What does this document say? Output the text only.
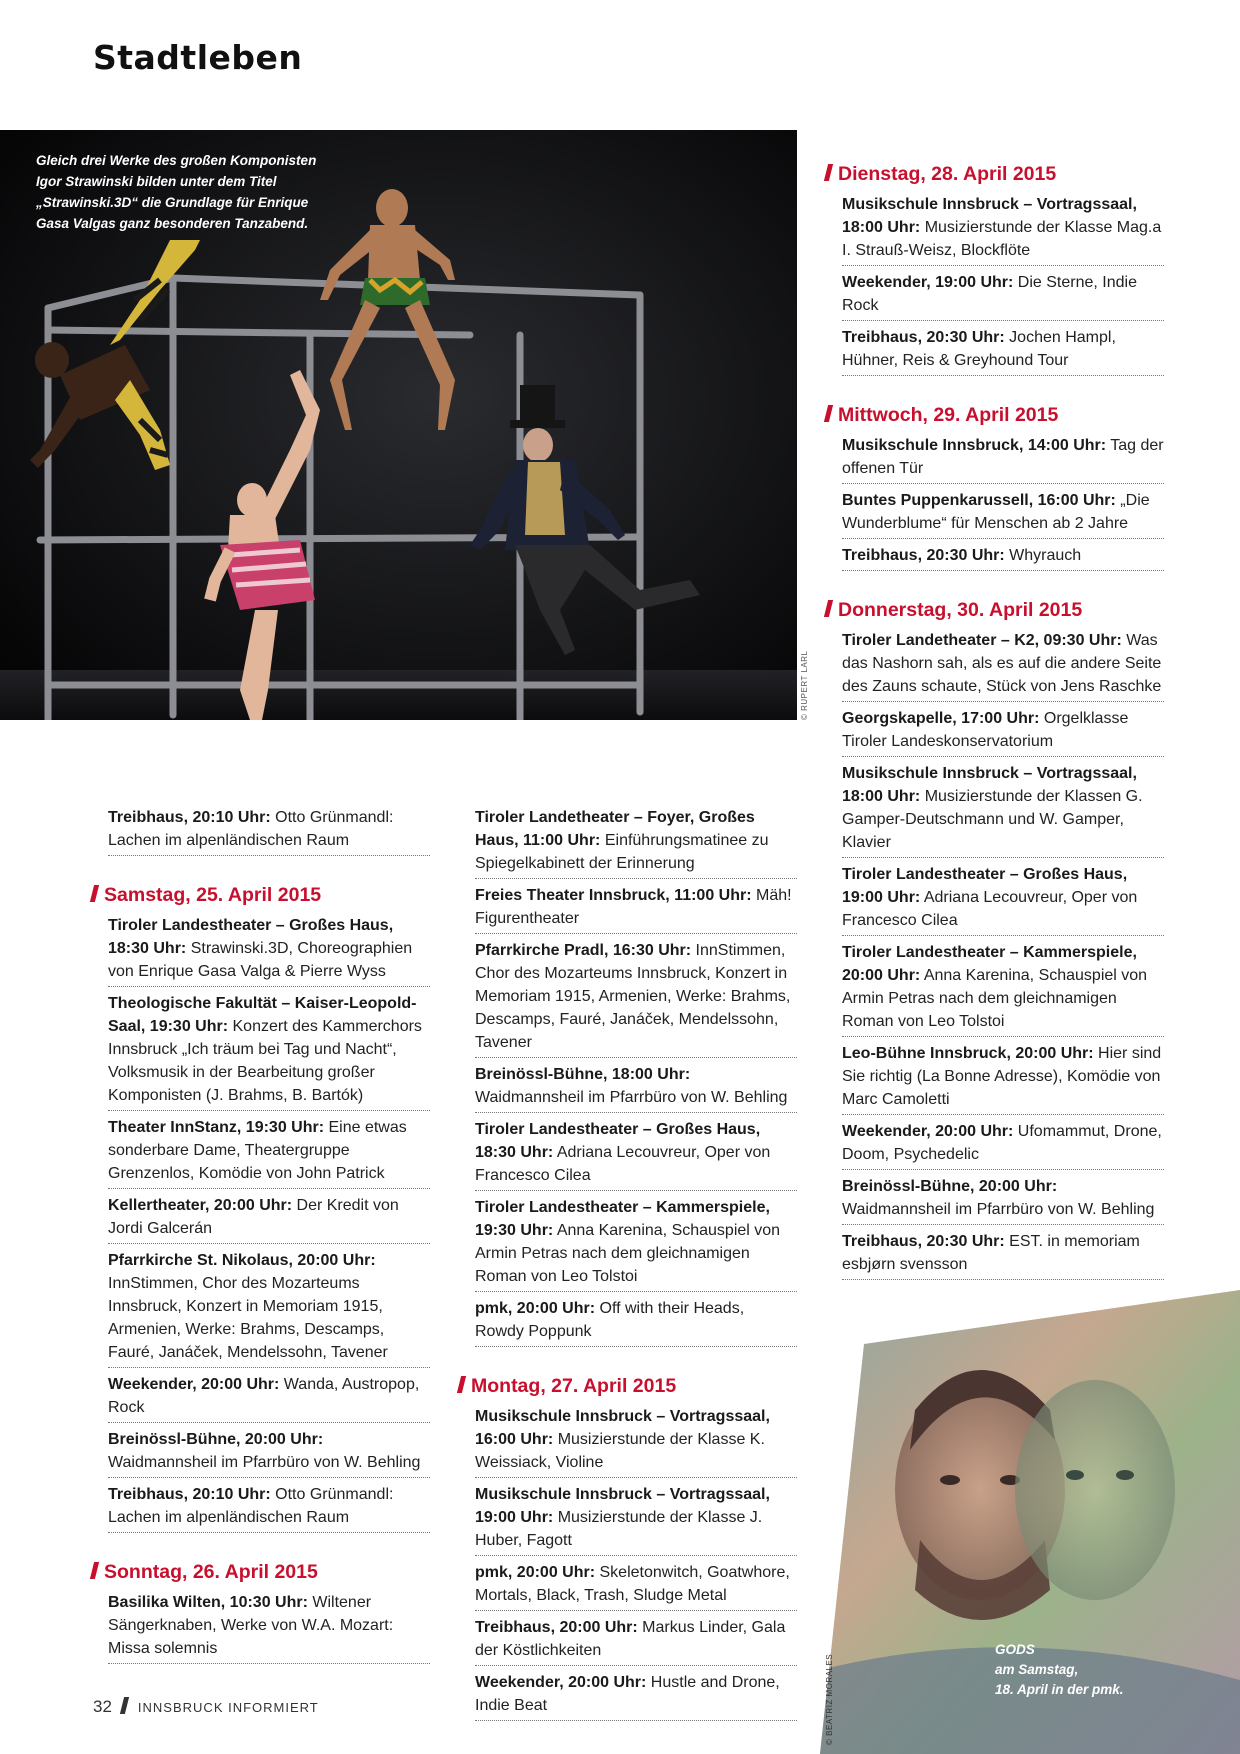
Stadtleben
Gleich drei Werke des großen Komponisten Igor Strawinski bilden unter dem Titel „Strawinski.3D“ die Grundlage für Enrique Gasa Valgas ganz besonderen Tanzabend.
© RUPERT LARL
Treibhaus, 20:10 Uhr: Otto Grünmandl: Lachen im alpenländischen Raum
Samstag, 25. April 2015
Tiroler Landestheater – Großes Haus, 18:30 Uhr: Strawinski.3D, Choreographien von Enrique Gasa Valga & Pierre Wyss
Theologische Fakultät – Kaiser-Leopold-Saal, 19:30 Uhr: Konzert des Kammerchors Innsbruck „Ich träum bei Tag und Nacht“, Volksmusik in der Bearbeitung großer Komponisten (J. Brahms, B. Bartók)
Theater InnStanz, 19:30 Uhr: Eine etwas sonderbare Dame, Theatergruppe Grenzenlos, Komödie von John Patrick
Kellertheater, 20:00 Uhr: Der Kredit von Jordi Galcerán
Pfarrkirche St. Nikolaus, 20:00 Uhr: InnStimmen, Chor des Mozarteums Innsbruck, Konzert in Memoriam 1915, Armenien, Werke: Brahms, Descamps, Fauré, Janáček, Mendelssohn, Tavener
Weekender, 20:00 Uhr: Wanda, Austropop, Rock
Breinössl-Bühne, 20:00 Uhr: Waidmannsheil im Pfarrbüro von W. Behling
Treibhaus, 20:10 Uhr: Otto Grünmandl: Lachen im alpenländischen Raum
Sonntag, 26. April 2015
Basilika Wilten, 10:30 Uhr: Wiltener Sängerknaben, Werke von W.A. Mozart: Missa solemnis
Tiroler Landetheater – Foyer, Großes Haus, 11:00 Uhr: Einführungsmatinee zu Spiegelkabinett der Erinnerung
Freies Theater Innsbruck, 11:00 Uhr: Mäh! Figurentheater
Pfarrkirche Pradl, 16:30 Uhr: InnStimmen, Chor des Mozarteums Innsbruck, Konzert in Memoriam 1915, Armenien, Werke: Brahms, Descamps, Fauré, Janáček, Mendelssohn, Tavener
Breinössl-Bühne, 18:00 Uhr: Waidmannsheil im Pfarrbüro von W. Behling
Tiroler Landestheater – Großes Haus, 18:30 Uhr: Adriana Lecouvreur, Oper von Francesco Cilea
Tiroler Landestheater – Kammerspiele, 19:30 Uhr: Anna Karenina, Schauspiel von Armin Petras nach dem gleichnamigen Roman von Leo Tolstoi
pmk, 20:00 Uhr: Off with their Heads, Rowdy Poppunk
Montag, 27. April 2015
Musikschule Innsbruck – Vortragssaal, 16:00 Uhr: Musizierstunde der Klasse K. Weissiack, Violine
Musikschule Innsbruck – Vortragssaal, 19:00 Uhr: Musizierstunde der Klasse J. Huber, Fagott
pmk, 20:00 Uhr: Skeletonwitch, Goatwhore, Mortals, Black, Trash, Sludge Metal
Treibhaus, 20:00 Uhr: Markus Linder, Gala der Köstlichkeiten
Weekender, 20:00 Uhr: Hustle and Drone, Indie Beat
Dienstag, 28. April 2015
Musikschule Innsbruck – Vortragssaal, 18:00 Uhr: Musizierstunde der Klasse Mag.a I. Strauß-Weisz, Blockflöte
Weekender, 19:00 Uhr: Die Sterne, Indie Rock
Treibhaus, 20:30 Uhr: Jochen Hampl, Hühner, Reis & Greyhound Tour
Mittwoch, 29. April 2015
Musikschule Innsbruck, 14:00 Uhr: Tag der offenen Tür
Buntes Puppenkarussell, 16:00 Uhr: „Die Wunderblume“ für Menschen ab 2 Jahre
Treibhaus, 20:30 Uhr: Whyrauch
Donnerstag, 30. April 2015
Tiroler Landetheater – K2, 09:30 Uhr: Was das Nashorn sah, als es auf die andere Seite des Zauns schaute, Stück von Jens Raschke
Georgskapelle, 17:00 Uhr: Orgelklasse Tiroler Landeskonservatorium
Musikschule Innsbruck – Vortragssaal, 18:00 Uhr: Musizierstunde der Klassen G. Gamper-Deutschmann und W. Gamper, Klavier
Tiroler Landestheater – Großes Haus, 19:00 Uhr: Adriana Lecouvreur, Oper von Francesco Cilea
Tiroler Landestheater – Kammerspiele, 20:00 Uhr: Anna Karenina, Schauspiel von Armin Petras nach dem gleichnamigen Roman von Leo Tolstoi
Leo-Bühne Innsbruck, 20:00 Uhr: Hier sind Sie richtig (La Bonne Adresse), Komödie von Marc Camoletti
Weekender, 20:00 Uhr: Ufomammut, Drone, Doom, Psychedelic
Breinössl-Bühne, 20:00 Uhr: Waidmannsheil im Pfarrbüro von W. Behling
Treibhaus, 20:30 Uhr: EST. in memoriam esbjørn svensson
© BEATRIZ MORALES
GODS
am Samstag,
18. April in der pmk.
32 INNSBRUCK INFORMIERT
